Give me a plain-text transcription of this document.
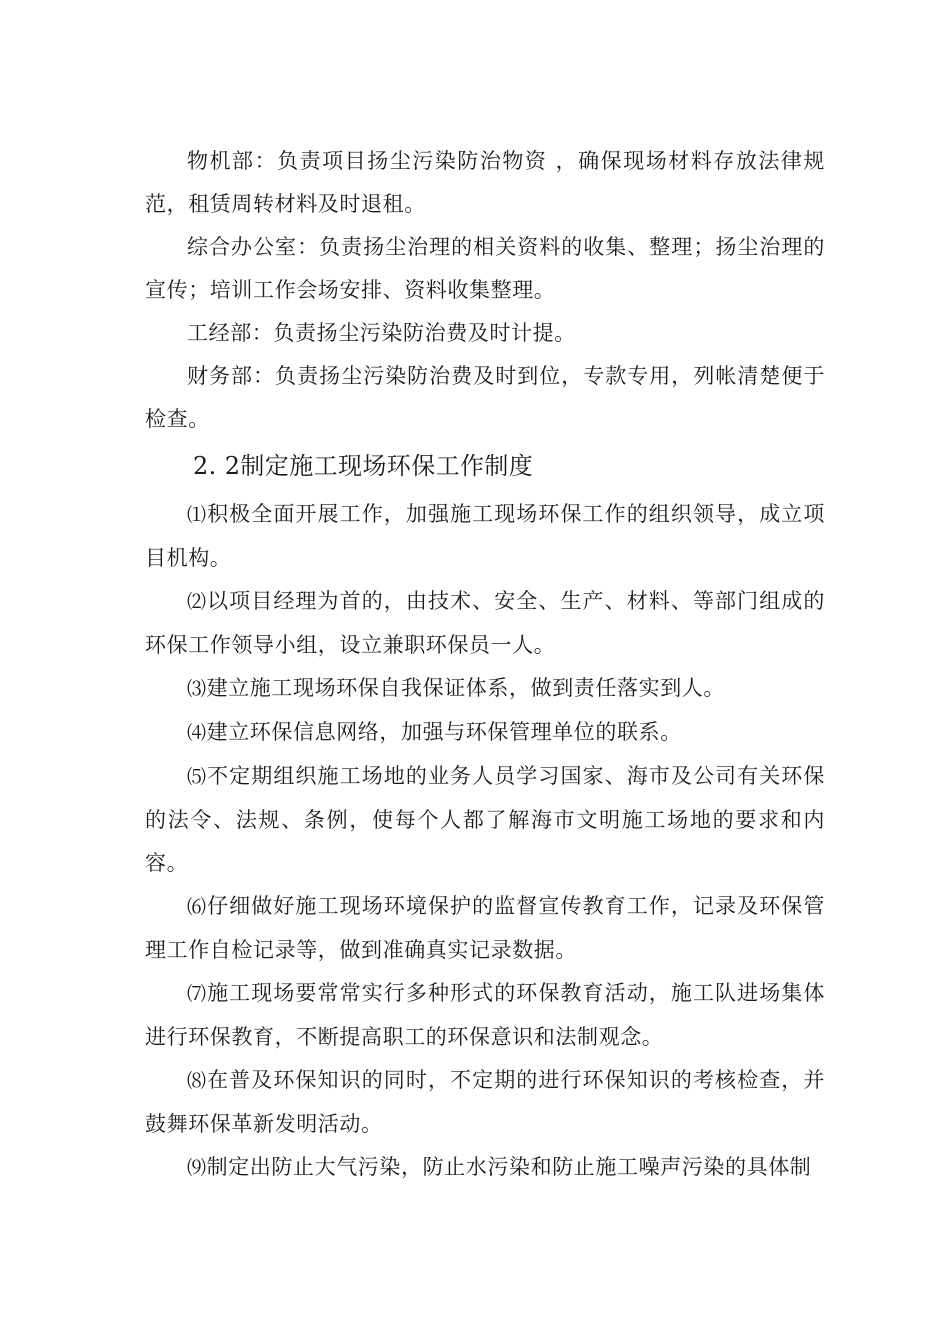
物机部：负责项目扬尘污染防治物资 ，确保现场材料存放法律规范，租赁周转材料及时退租。

综合办公室：负责扬尘治理的相关资料的收集、整理；扬尘治理的宣传；培训工作会场安排、资料收集整理。

工经部：负责扬尘污染防治费及时计提。

财务部：负责扬尘污染防治费及时到位，专款专用，列帐清楚便于检查。

2. 2制定施工现场环保工作制度

⑴积极全面开展工作，加强施工现场环保工作的组织领导，成立项目机构。

⑵以项目经理为首的，由技术、安全、生产、材料、等部门组成的环保工作领导小组，设立兼职环保员一人。

⑶建立施工现场环保自我保证体系，做到责任落实到人。

⑷建立环保信息网络，加强与环保管理单位的联系。

⑸不定期组织施工场地的业务人员学习国家、海市及公司有关环保的法令、法规、条例，使每个人都了解海市文明施工场地的要求和内容。

⑹仔细做好施工现场环境保护的监督宣传教育工作，记录及环保管理工作自检记录等，做到准确真实记录数据。

⑺施工现场要常常实行多种形式的环保教育活动，施工队进场集体进行环保教育，不断提高职工的环保意识和法制观念。

⑻在普及环保知识的同时，不定期的进行环保知识的考核检查，并鼓舞环保革新发明活动。

⑼制定出防止大气污染，防止水污染和防止施工噪声污染的具体制
